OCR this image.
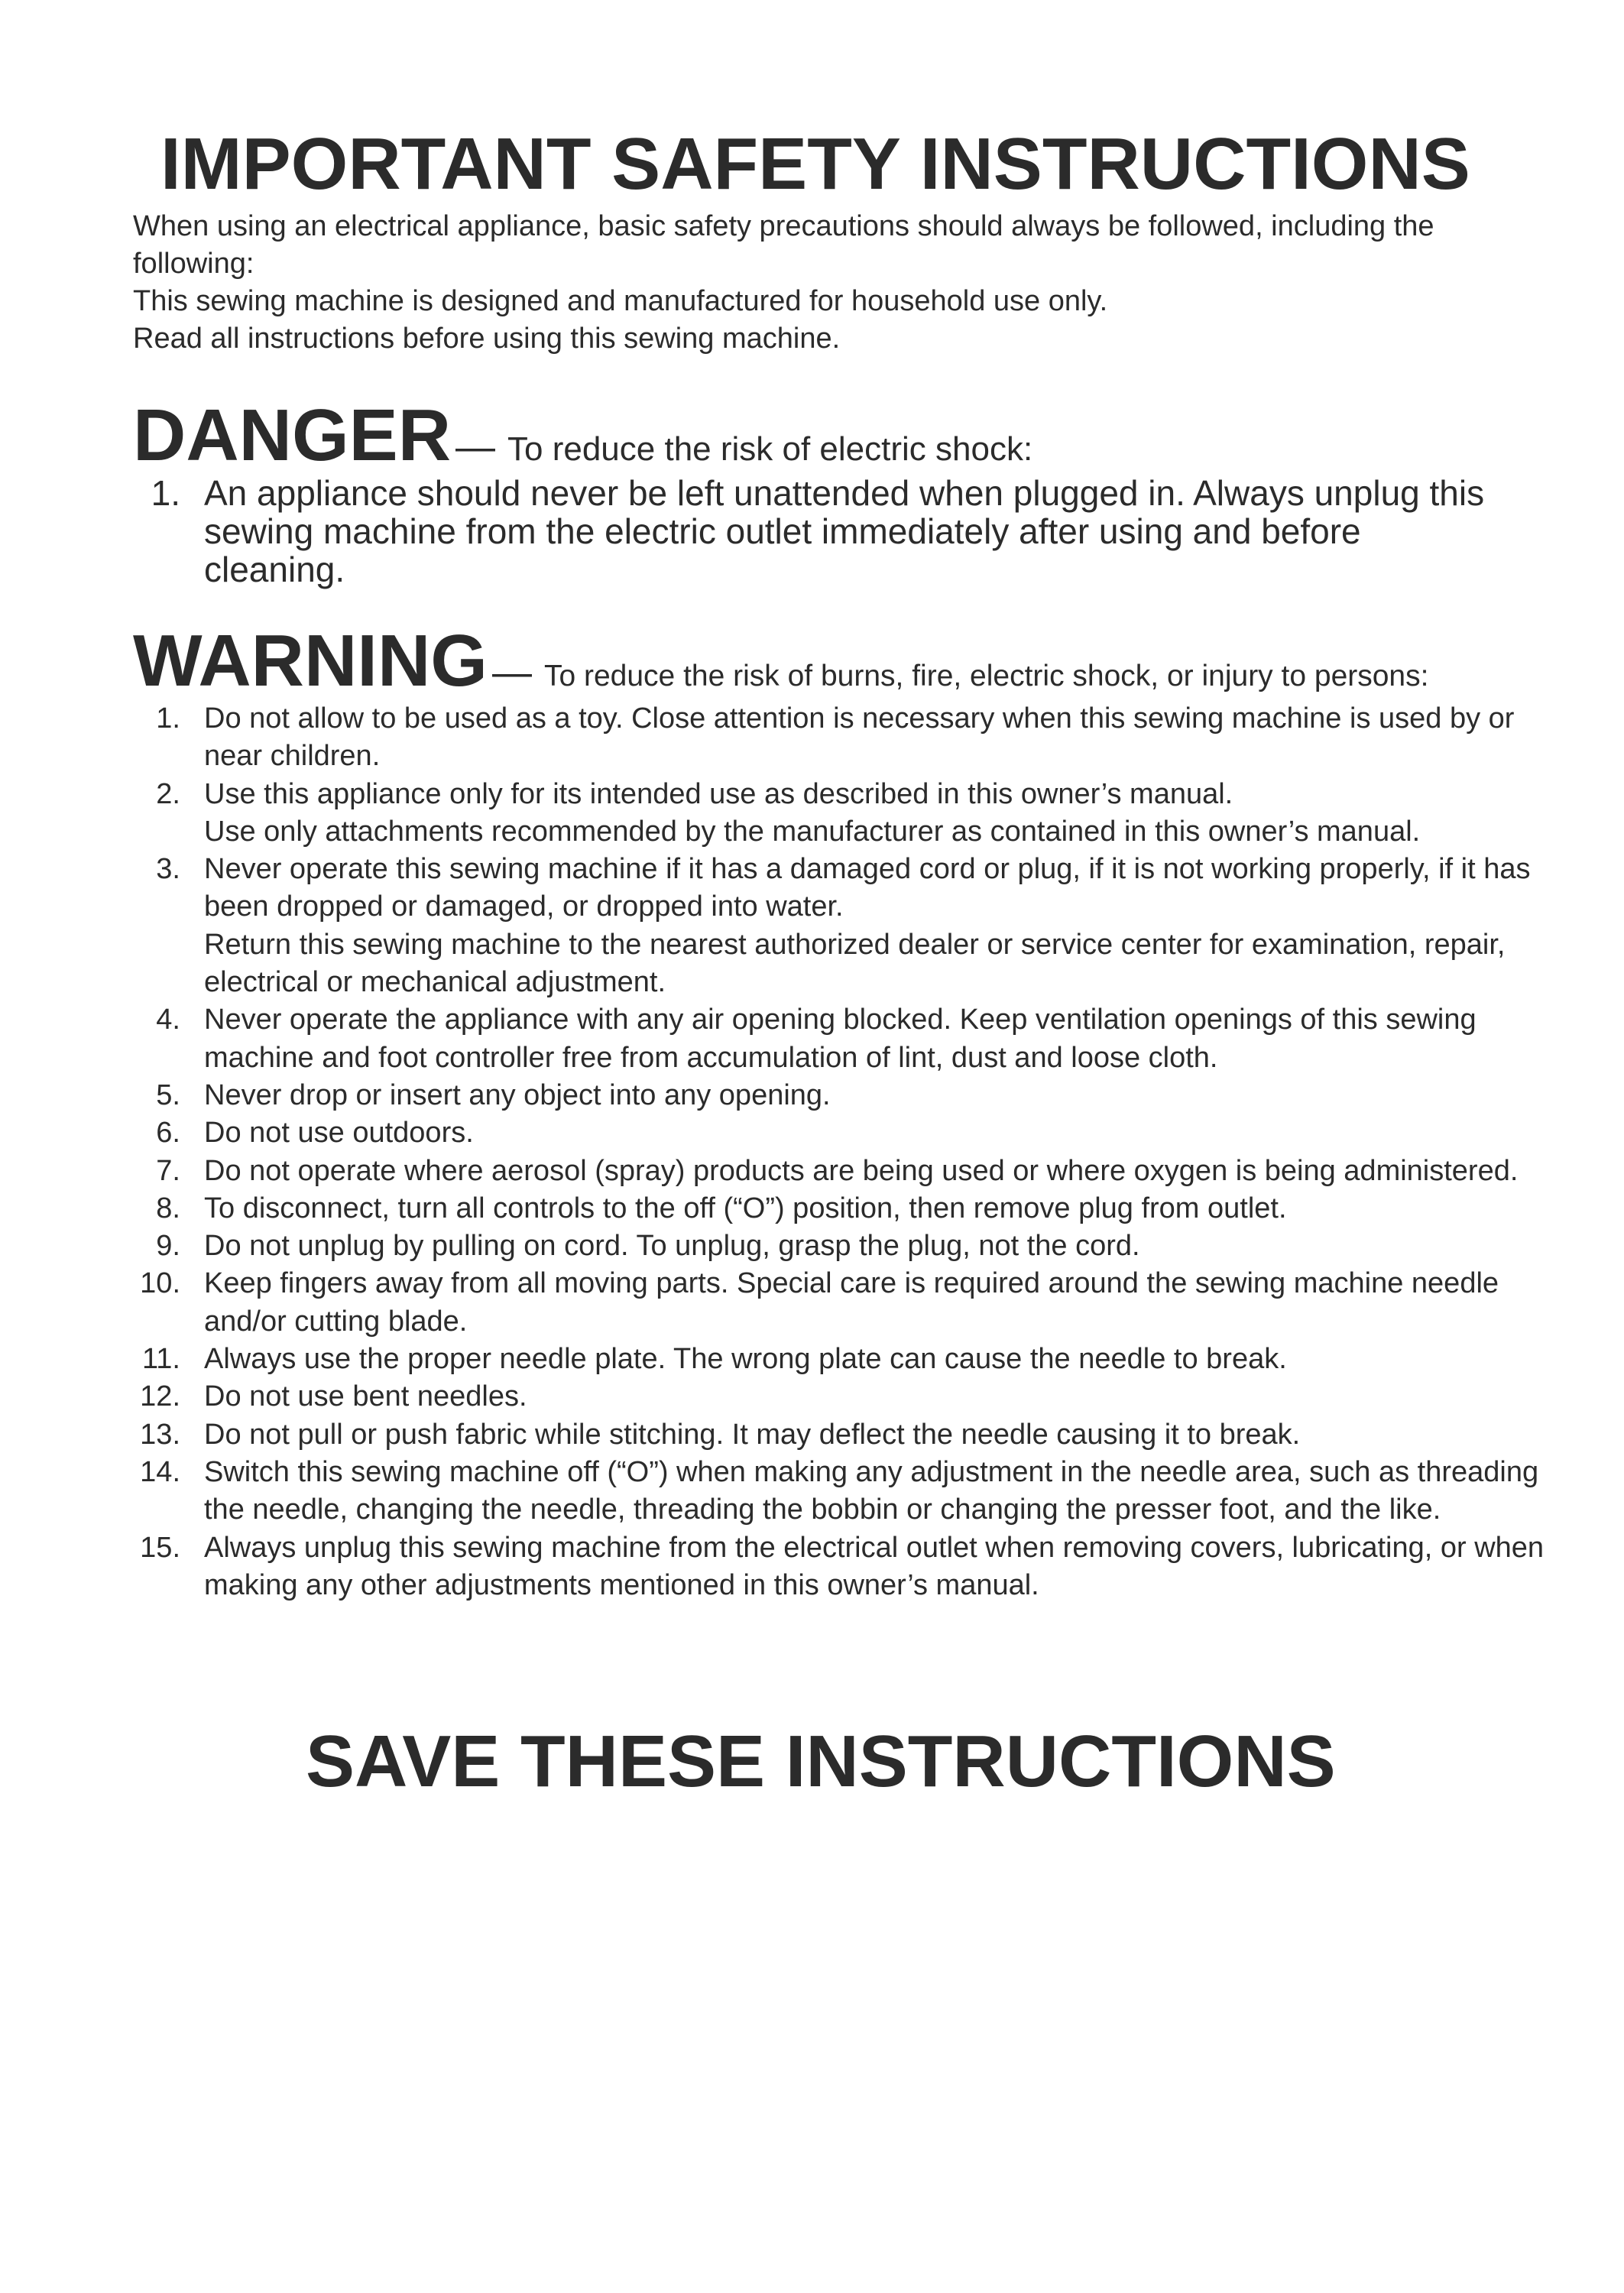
IMPORTANT SAFETY INSTRUCTIONS

When using an electrical appliance, basic safety precautions should always be followed, including the following:

This sewing machine is designed and manufactured for household use only.

Read all instructions before using this sewing machine.

DANGER — To reduce the risk of electric shock:
1. An appliance should never be left unattended when plugged in. Always unplug this sewing machine from the electric outlet immediately after using and before cleaning.
WARNING — To reduce the risk of burns, fire, electric shock, or injury to persons:
1. Do not allow to be used as a toy. Close attention is necessary when this sewing machine is used by or near children.
2. Use this appliance only for its intended use as described in this owner’s manual.
Use only attachments recommended by the manufacturer as contained in this owner’s manual.
3. Never operate this sewing machine if it has a damaged cord or plug, if it is not working properly, if it has been dropped or damaged, or dropped into water.
Return this sewing machine to the nearest authorized dealer or service center for examination, repair, electrical or mechanical adjustment.
4. Never operate the appliance with any air opening blocked. Keep ventilation openings of this sewing machine and foot controller free from accumulation of lint, dust and loose cloth.
5. Never drop or insert any object into any opening.
6. Do not use outdoors.
7. Do not operate where aerosol (spray) products are being used or where oxygen is being administered.
8. To disconnect, turn all controls to the off (“O”) position, then remove plug from outlet.
9. Do not unplug by pulling on cord. To unplug, grasp the plug, not the cord.
10. Keep fingers away from all moving parts. Special care is required around the sewing machine needle and/or cutting blade.
11. Always use the proper needle plate. The wrong plate can cause the needle to break.
12. Do not use bent needles.
13. Do not pull or push fabric while stitching. It may deflect the needle causing it to break.
14. Switch this sewing machine off (“O”) when making any adjustment in the needle area, such as threading the needle, changing the needle, threading the bobbin or changing the presser foot, and the like.
15. Always unplug this sewing machine from the electrical outlet when removing covers, lubricating, or when making any other adjustments mentioned in this owner’s manual.
SAVE THESE INSTRUCTIONS
